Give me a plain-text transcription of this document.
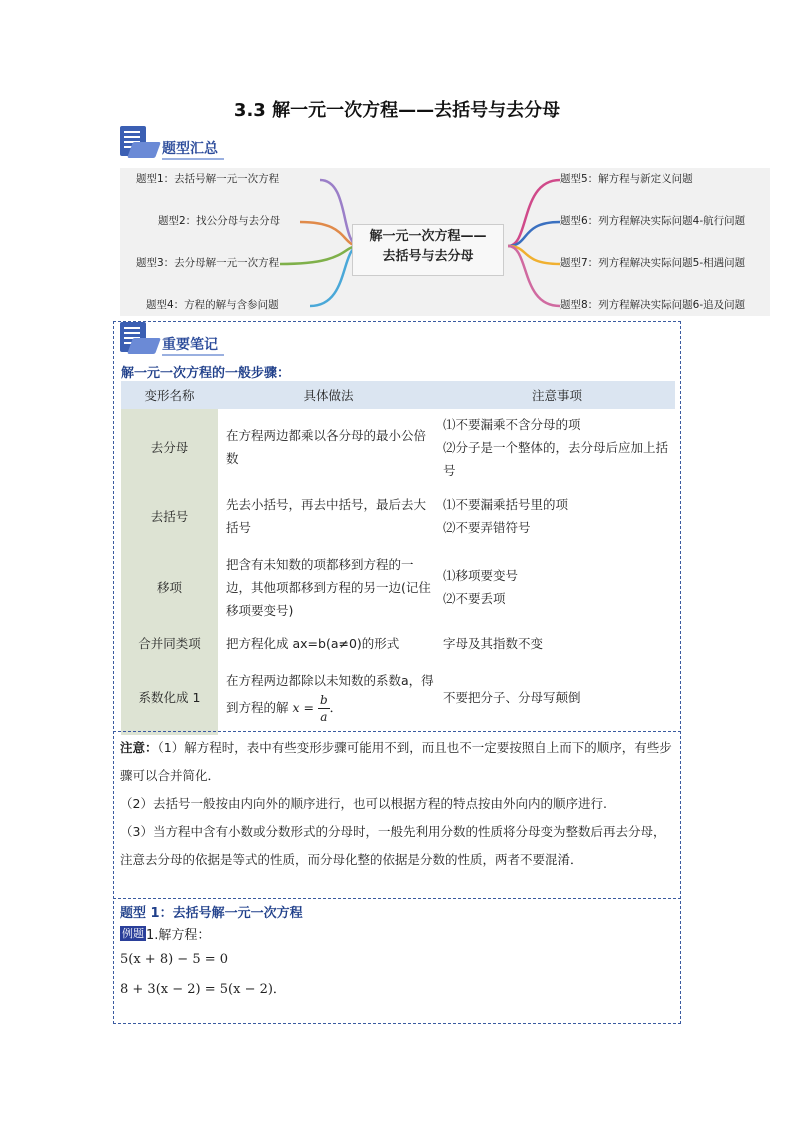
3.3 解一元一次方程——去括号与去分母
题型汇总
解一元一次方程——
去括号与去分母
题型1：去括号解一元一次方程
题型2：找公分母与去分母
题型3：去分母解一元一次方程
题型4：方程的解与含参问题
题型5：解方程与新定义问题
题型6：列方程解决实际问题4-航行问题
题型7：列方程解决实际问题5-相遇问题
题型8：列方程解决实际问题6-追及问题
重要笔记
解一元一次方程的一般步骤：
变形名称	具体做法	注意事项
去分母	在方程两边都乘以各分母的最小公倍数	⑴不要漏乘不含分母的项
⑵分子是一个整体的，去分母后应加上括号

去括号	先去小括号，再去中括号，最后去大括号	⑴不要漏乘括号里的项
⑵不要弄错符号

移项	把含有未知数的项都移到方程的一边，其他项都移到方程的另一边(记住移项要变号)	⑴移项要变号
⑵不要丢项

合并同类项	把方程化成 ax=b(a≠0)的形式	字母及其指数不变
系数化成 1	在方程两边都除以未知数的系数a，得到方程的解 $x = \frac{b}{a}$ ．	不要把分子、分母写颠倒
注意：（1）解方程时，表中有些变形步骤可能用不到，而且也不一定要按照自上而下的顺序，有些步骤可以合并简化．
（2）去括号一般按由内向外的顺序进行，也可以根据方程的特点按由外向内的顺序进行.
（3）当方程中含有小数或分数形式的分母时，一般先利用分数的性质将分母变为整数后再去分母，注意去分母的依据是等式的性质，而分母化整的依据是分数的性质，两者不要混淆．
题型 1：去括号解一元一次方程
例题 1.解方程：
5(x + 8) − 5 = 0
8 + 3(x − 2) = 5(x − 2)．
